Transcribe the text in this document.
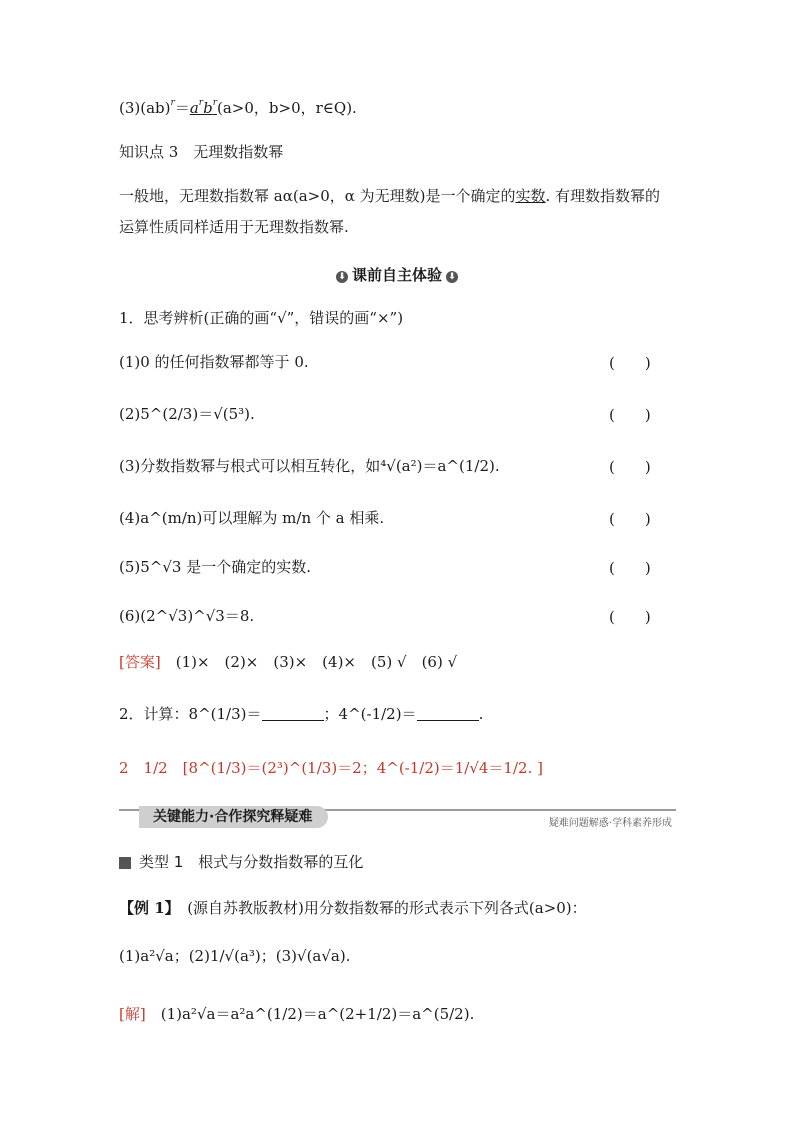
$(3)(ab)^r=a^rb^r(a>0$，b>0，r∈Q).
知识点 3　无理数指数幂
一般地，无理数指数幂 aα(a>0，α 为无理数)是一个确定的实数. 有理数指数幂的
运算性质同样适用于无理数指数幂.
⬇ 课前自主体验 ⬇
1．思考辨析(正确的画“√”，错误的画“×”)
(1)0 的任何指数幂都等于 0.	(　　)
(2)5^(2/3)＝√(5³).	(　　)
(3)分数指数幂与根式可以相互转化，如⁴√(a²)＝a^(1/2).	(　　)
(4)a^(m/n)可以理解为 m/n 个 a 相乘.	(　　)
(5)5^√3 是一个确定的实数.	(　　)
(6)(2^√3)^√3＝8.	(　　)
[答案]　 (1)×　(2)×　(3)×　(4)×　(5) √　(6) √
2．计算：8^(1/3)＝	；4^(-1/2)＝	.
2　1/2　[8^(1/3)＝(2³)^(1/3)＝2；4^(-1/2)＝1/√4＝1/2. ]
关键能力·合作探究释疑难	疑难问题解惑·学科素养形成
类型 1　根式与分数指数幂的互化
【例 1】　 (源自苏教版教材)用分数指数幂的形式表示下列各式(a>0)：
(1)a²√a；(2)1/√(a³)；(3)√(a√a).
[解]　 (1)a²√a＝a²a^(1/2)＝a^(2+1/2)＝a^(5/2).
